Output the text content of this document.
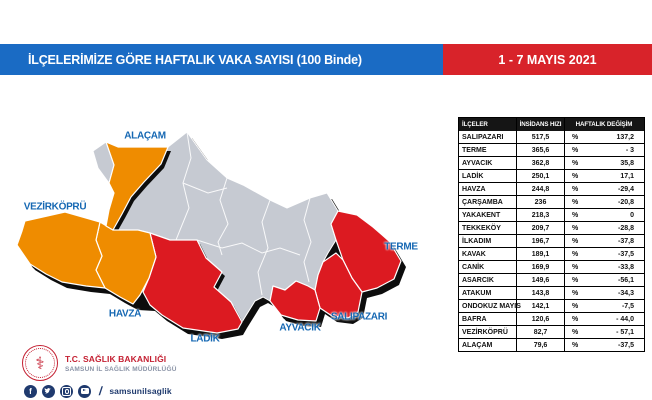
İLÇELERİMİZE GÖRE HAFTALIK VAKA SAYISI (100 Binde)	1 - 7 MAYIS 2021
ALAÇAM
VEZİRKÖPRÜ
HAVZA
LADİK
AYVACIK
SALIPAZARI
TERME
İLÇELER	İNSİDANS HIZI	HAFTALIK DEĞİŞİM
SALIPAZARI	517,5	%	137,2
TERME	365,6	%	- 3
AYVACIK	362,8	%	35,8
LADİK	250,1	%	17,1
HAVZA	244,8	%	-29,4
ÇARŞAMBA	236	%	-20,8
YAKAKENT	218,3	%	0
TEKKEKÖY	209,7	%	-28,8
İLKADIM	196,7	%	-37,8
KAVAK	189,1	%	-37,5
CANİK	169,9	%	-33,8
ASARCIK	149,6	%	-56,1
ATAKUM	143,8	%	-34,3
ONDOKUZ MAYIS	142,1	%	-7,5
BAFRA	120,6	%	- 44,0
VEZİRKÖPRÜ	82,7	%	- 57,1
ALAÇAM	79,6	%	-37,5
⚕ T.C. SAĞLIK BAKANLIĞI
SAMSUN İL SAĞLIK MÜDÜRLÜĞÜ
f	/ samsunilsaglik
